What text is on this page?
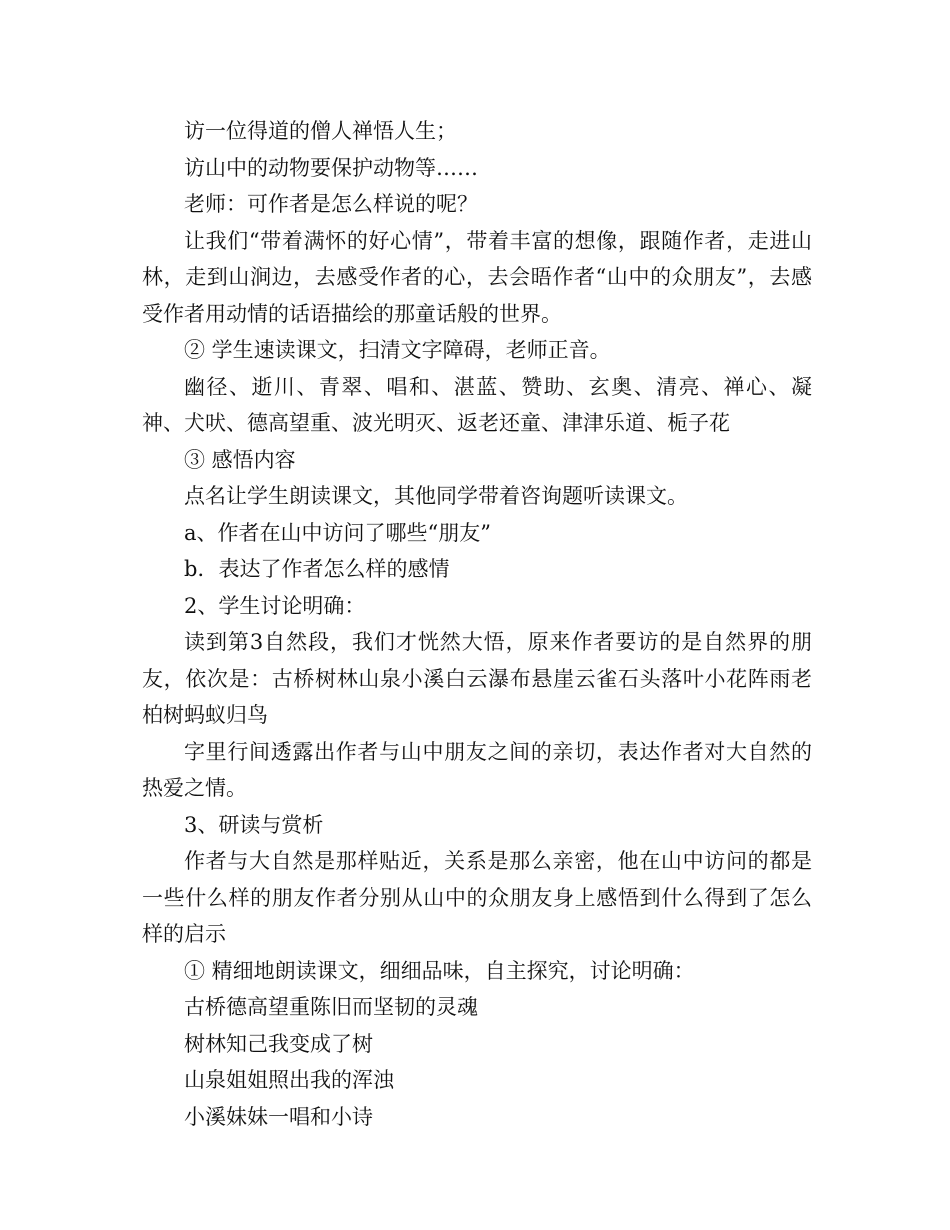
访一位得道的僧人禅悟人生；

访山中的动物要保护动物等……

老师：可作者是怎么样说的呢？

让我们“带着满怀的好心情”，带着丰富的想像，跟随作者，走进山林，走到山涧边，去感受作者的心，去会晤作者“山中的众朋友”，去感受作者用动情的话语描绘的那童话般的世界。

② 学生速读课文，扫清文字障碍，老师正音。

幽径、逝川、青翠、唱和、湛蓝、赞助、玄奥、清亮、禅心、凝神、犬吠、德高望重、波光明灭、返老还童、津津乐道、栀子花

③ 感悟内容

点名让学生朗读课文，其他同学带着咨询题听读课文。

a、作者在山中访问了哪些“朋友”

b．表达了作者怎么样的感情

2、学生讨论明确：

读到第3自然段，我们才恍然大悟，原来作者要访的是自然界的朋友，依次是：古桥树林山泉小溪白云瀑布悬崖云雀石头落叶小花阵雨老柏树蚂蚁归鸟

字里行间透露出作者与山中朋友之间的亲切，表达作者对大自然的热爱之情。

3、研读与赏析

作者与大自然是那样贴近，关系是那么亲密，他在山中访问的都是一些什么样的朋友作者分别从山中的众朋友身上感悟到什么得到了怎么样的启示

① 精细地朗读课文，细细品味，自主探究，讨论明确：

古桥德高望重陈旧而坚韧的灵魂

树林知己我变成了树

山泉姐姐照出我的浑浊

小溪妹妹一唱和小诗
